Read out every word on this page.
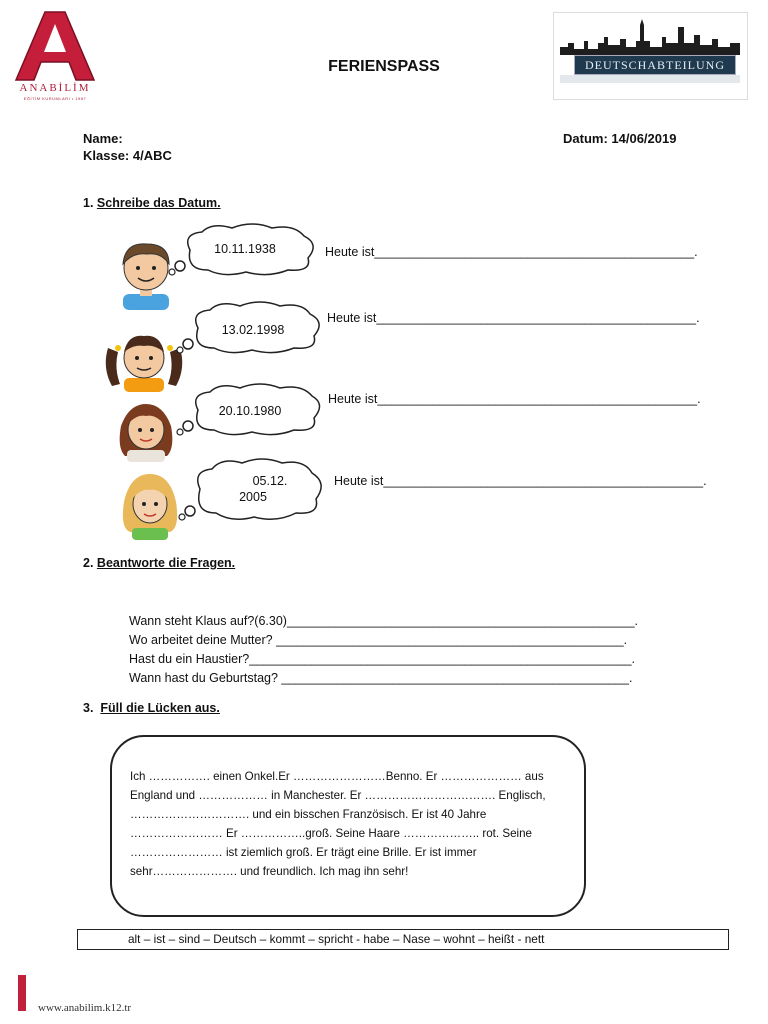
ANABİLİM
EĞİTİM KURUMLARI • 1987
DEUTSCHABTEILUNG
FERIENSPASS
Name:
Klasse: 4/ABC
Datum: 14/06/2019
1. Schreibe das Datum.
10.11.1938	Heute ist______________________________________________.
13.02.1998
Heute ist______________________________________________.
20.10.1980
Heute ist______________________________________________.
05.12.
2005
Heute ist______________________________________________.
2. Beantworte die Fragen.
Wann steht Klaus auf?(6.30)__________________________________________________.
Wo arbeitet deine Mutter? __________________________________________________.
Hast du ein Haustier?_______________________________________________________.
Wann hast du Geburtstag? __________________________________________________.
3. Füll die Lücken aus.
Ich ……………. einen Onkel.Er ……………………Benno. Er ………………… aus England und ……………… in Manchester. Er ……………………………. Englisch, …………………………. und ein bisschen Französisch. Er ist 40 Jahre …………………… Er ……………..groß. Seine Haare ……………….. rot. Seine …………………… ist ziemlich groß. Er trägt eine Brille. Er ist immer sehr…………………. und freundlich. Ich mag ihn sehr!
alt – ist – sind – Deutsch – kommt – spricht - habe – Nase – wohnt – heißt - nett
www.anabilim.k12.tr
